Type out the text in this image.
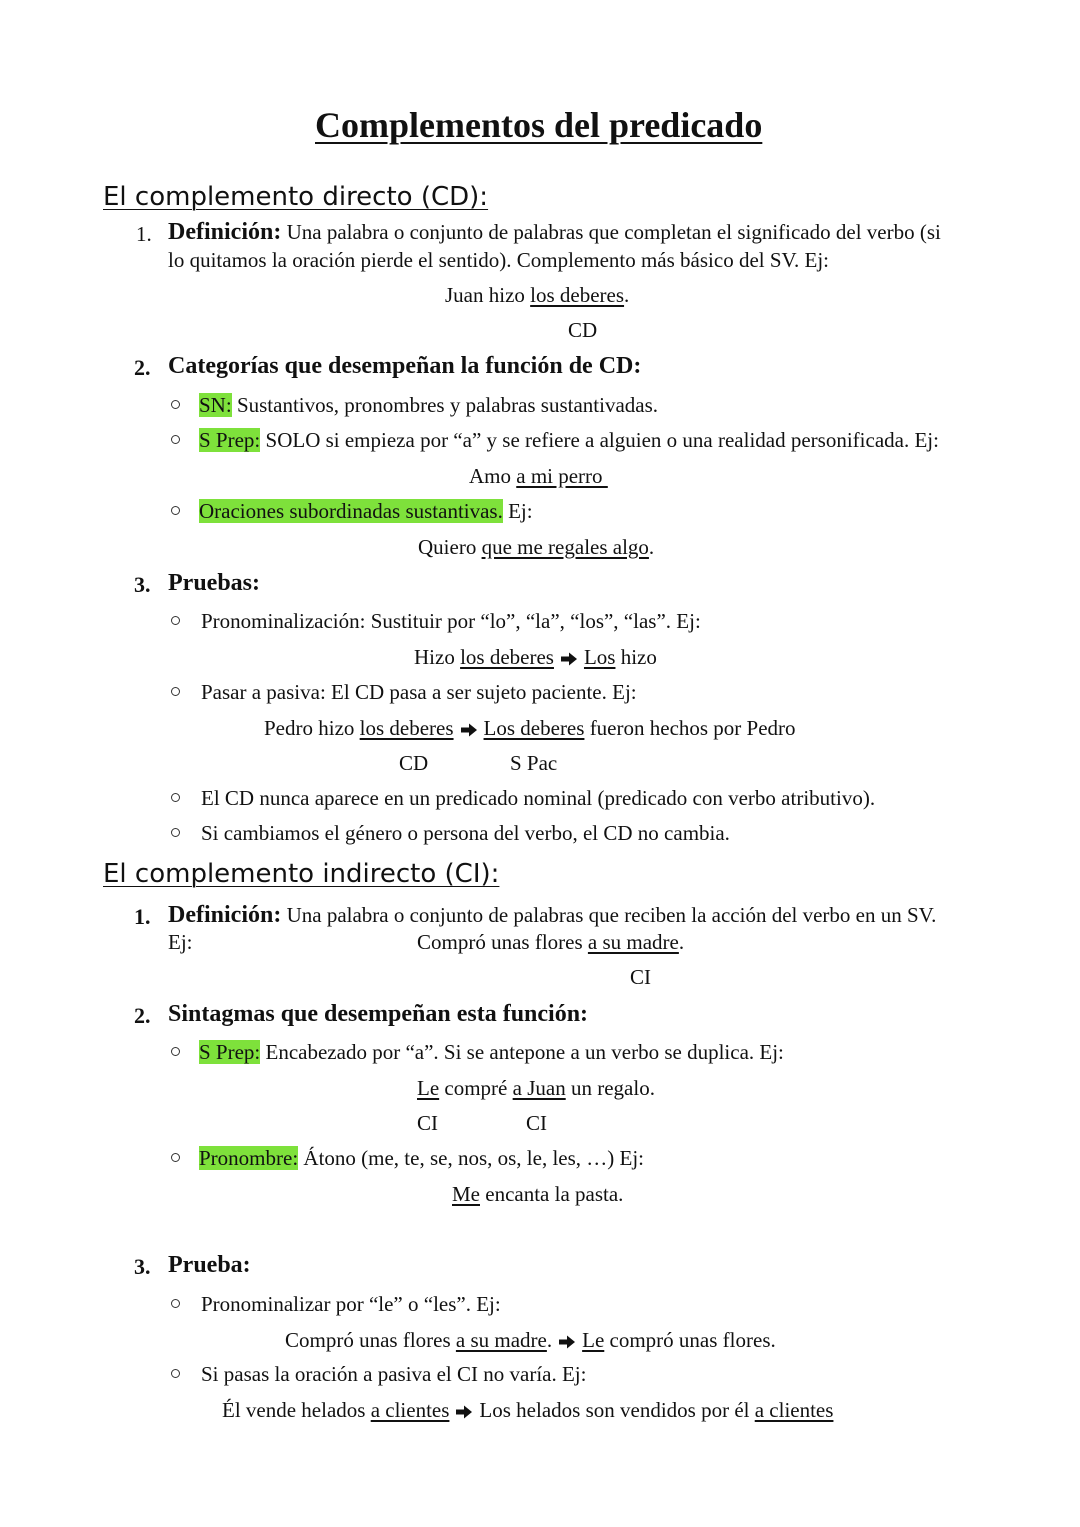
Complementos del predicado
El complemento directo (CD):
1. Definición: Una palabra o conjunto de palabras que completan el significado del verbo (si
lo quitamos la oración pierde el sentido). Complemento más básico del SV. Ej:
Juan hizo los deberes.
CD
2. Categorías que desempeñan la función de CD:
SN: Sustantivos, pronombres y palabras sustantivadas.
S Prep: SOLO si empieza por “a” y se refiere a alguien o una realidad personificada. Ej:
Amo a mi perro
Oraciones subordinadas sustantivas. Ej:
Quiero que me regales algo.
3. Pruebas:
Pronominalización: Sustituir por “lo”, “la”, “los”, “las”. Ej:
Hizo los deberes Los hizo
Pasar a pasiva: El CD pasa a ser sujeto paciente. Ej:
Pedro hizo los deberes Los deberes fueron hechos por Pedro
CD	S Pac
El CD nunca aparece en un predicado nominal (predicado con verbo atributivo).
Si cambiamos el género o persona del verbo, el CD no cambia.
El complemento indirecto (CI):
1. Definición: Una palabra o conjunto de palabras que reciben la acción del verbo en un SV.
Ej:	Compró unas flores a su madre.
CI
2. Sintagmas que desempeñan esta función:
S Prep: Encabezado por “a”. Si se antepone a un verbo se duplica. Ej:
Le compré a Juan un regalo.
CI	CI
Pronombre: Átono (me, te, se, nos, os, le, les, …) Ej:
Me encanta la pasta.
3. Prueba:
Pronominalizar por “le” o “les”. Ej:
Compró unas flores a su madre. Le compró unas flores.
Si pasas la oración a pasiva el CI no varía. Ej:
Él vende helados a clientes Los helados son vendidos por él a clientes
